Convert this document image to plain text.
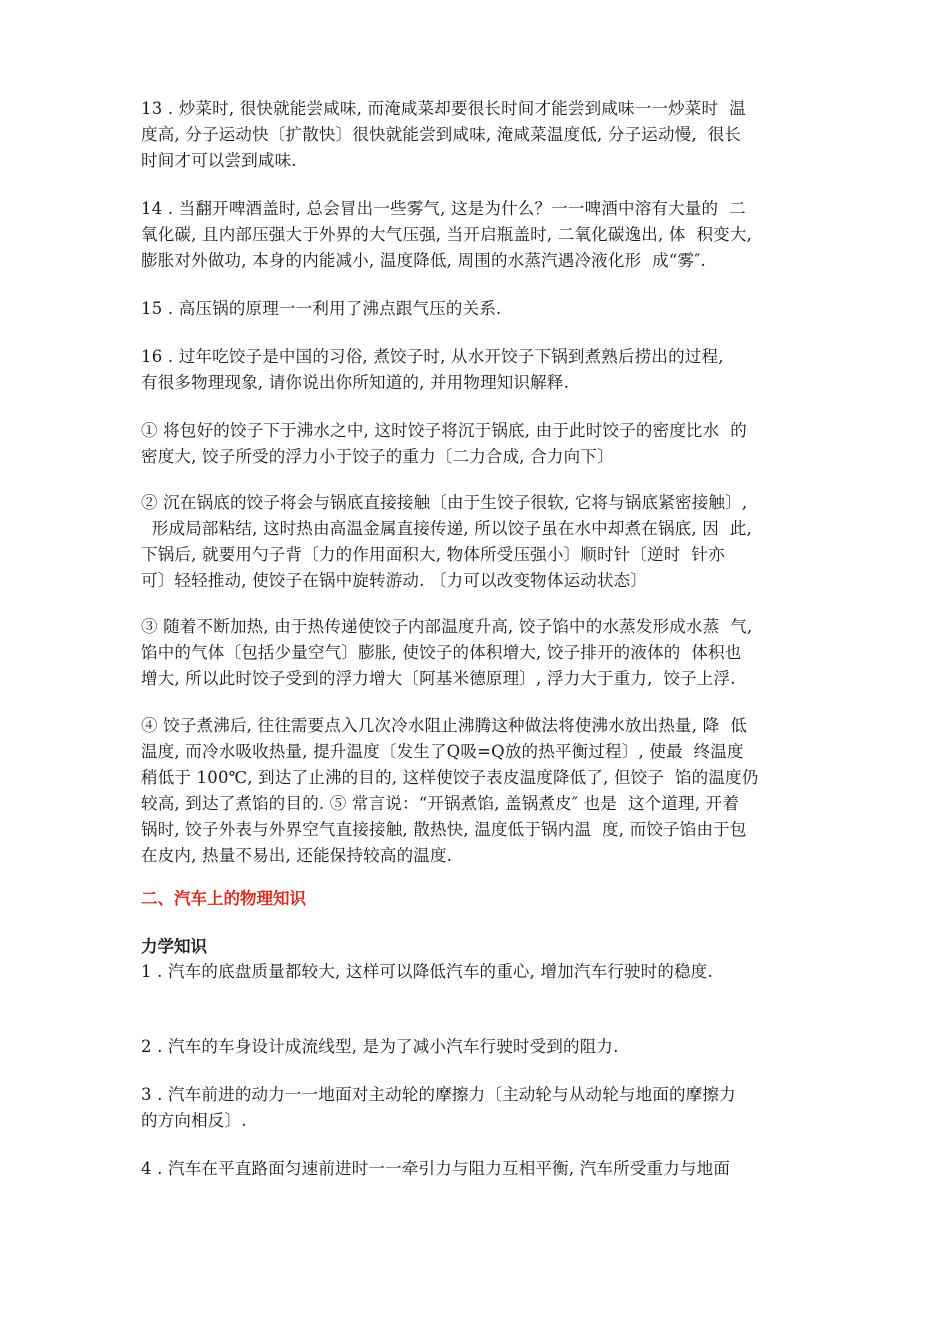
13 . 炒菜时, 很快就能尝咸味, 而淹咸菜却要很长时间才能尝到咸味一一炒菜时  温
度高, 分子运动快〔扩散快〕很快就能尝到咸味, 淹咸菜温度低, 分子运动慢,  很长
时间才可以尝到咸味.
14 . 当翻开啤酒盖时, 总会冒出一些雾气, 这是为什么？一一啤酒中溶有大量的  二
氧化碳, 且内部压强大于外界的大气压强, 当开启瓶盖时, 二氧化碳逸出, 体  积变大,
膨胀对外做功, 本身的内能减小, 温度降低, 周围的水蒸汽遇冷液化形  成“雾″.
15 . 高压锅的原理一一利用了沸点跟气压的关系.
16 . 过年吃饺子是中国的习俗, 煮饺子时, 从水开饺子下锅到煮熟后捞出的过程,
有很多物理现象, 请你说出你所知道的, 并用物理知识解释.
① 将包好的饺子下于沸水之中, 这时饺子将沉于锅底, 由于此时饺子的密度比水  的
密度大, 饺子所受的浮力小于饺子的重力〔二力合成, 合力向下〕
② 沉在锅底的饺子将会与锅底直接接触〔由于生饺子很软, 它将与锅底紧密接触〕,
形成局部粘结, 这时热由高温金属直接传递, 所以饺子虽在水中却煮在锅底, 因  此,
下锅后, 就要用勺子背〔力的作用面积大, 物体所受压强小〕顺时针〔逆时  针亦
可〕轻轻推动, 使饺子在锅中旋转游动. 〔力可以改变物体运动状态〕
③ 随着不断加热, 由于热传递使饺子内部温度升高, 饺子馅中的水蒸发形成水蒸  气,
馅中的气体〔包括少量空气〕膨胀, 使饺子的体积增大, 饺子排开的液体的  体积也
增大, 所以此时饺子受到的浮力增大〔阿基米德原理〕, 浮力大于重力,  饺子上浮.
④ 饺子煮沸后, 往往需要点入几次冷水阻止沸腾这种做法将使沸水放出热量, 降  低
温度, 而冷水吸收热量, 提升温度〔发生了Q吸=Q放的热平衡过程〕, 使最  终温度
稍低于 100℃, 到达了止沸的目的, 这样使饺子表皮温度降低了, 但饺子  馅的温度仍
较高, 到达了煮馅的目的. ⑤ 常言说：“开锅煮馅, 盖锅煮皮″ 也是  这个道理, 开着
锅时, 饺子外表与外界空气直接接触, 散热快, 温度低于锅内温  度, 而饺子馅由于包
在皮内, 热量不易出, 还能保持较高的温度.
二、汽车上的物理知识
力学知识
1 . 汽车的底盘质量都较大, 这样可以降低汽车的重心, 增加汽车行驶时的稳度.
2 . 汽车的车身设计成流线型, 是为了减小汽车行驶时受到的阻力.
3 . 汽车前进的动力一一地面对主动轮的摩擦力〔主动轮与从动轮与地面的摩擦力
的方向相反〕.
4 . 汽车在平直路面匀速前进时一一牵引力与阻力互相平衡, 汽车所受重力与地面
